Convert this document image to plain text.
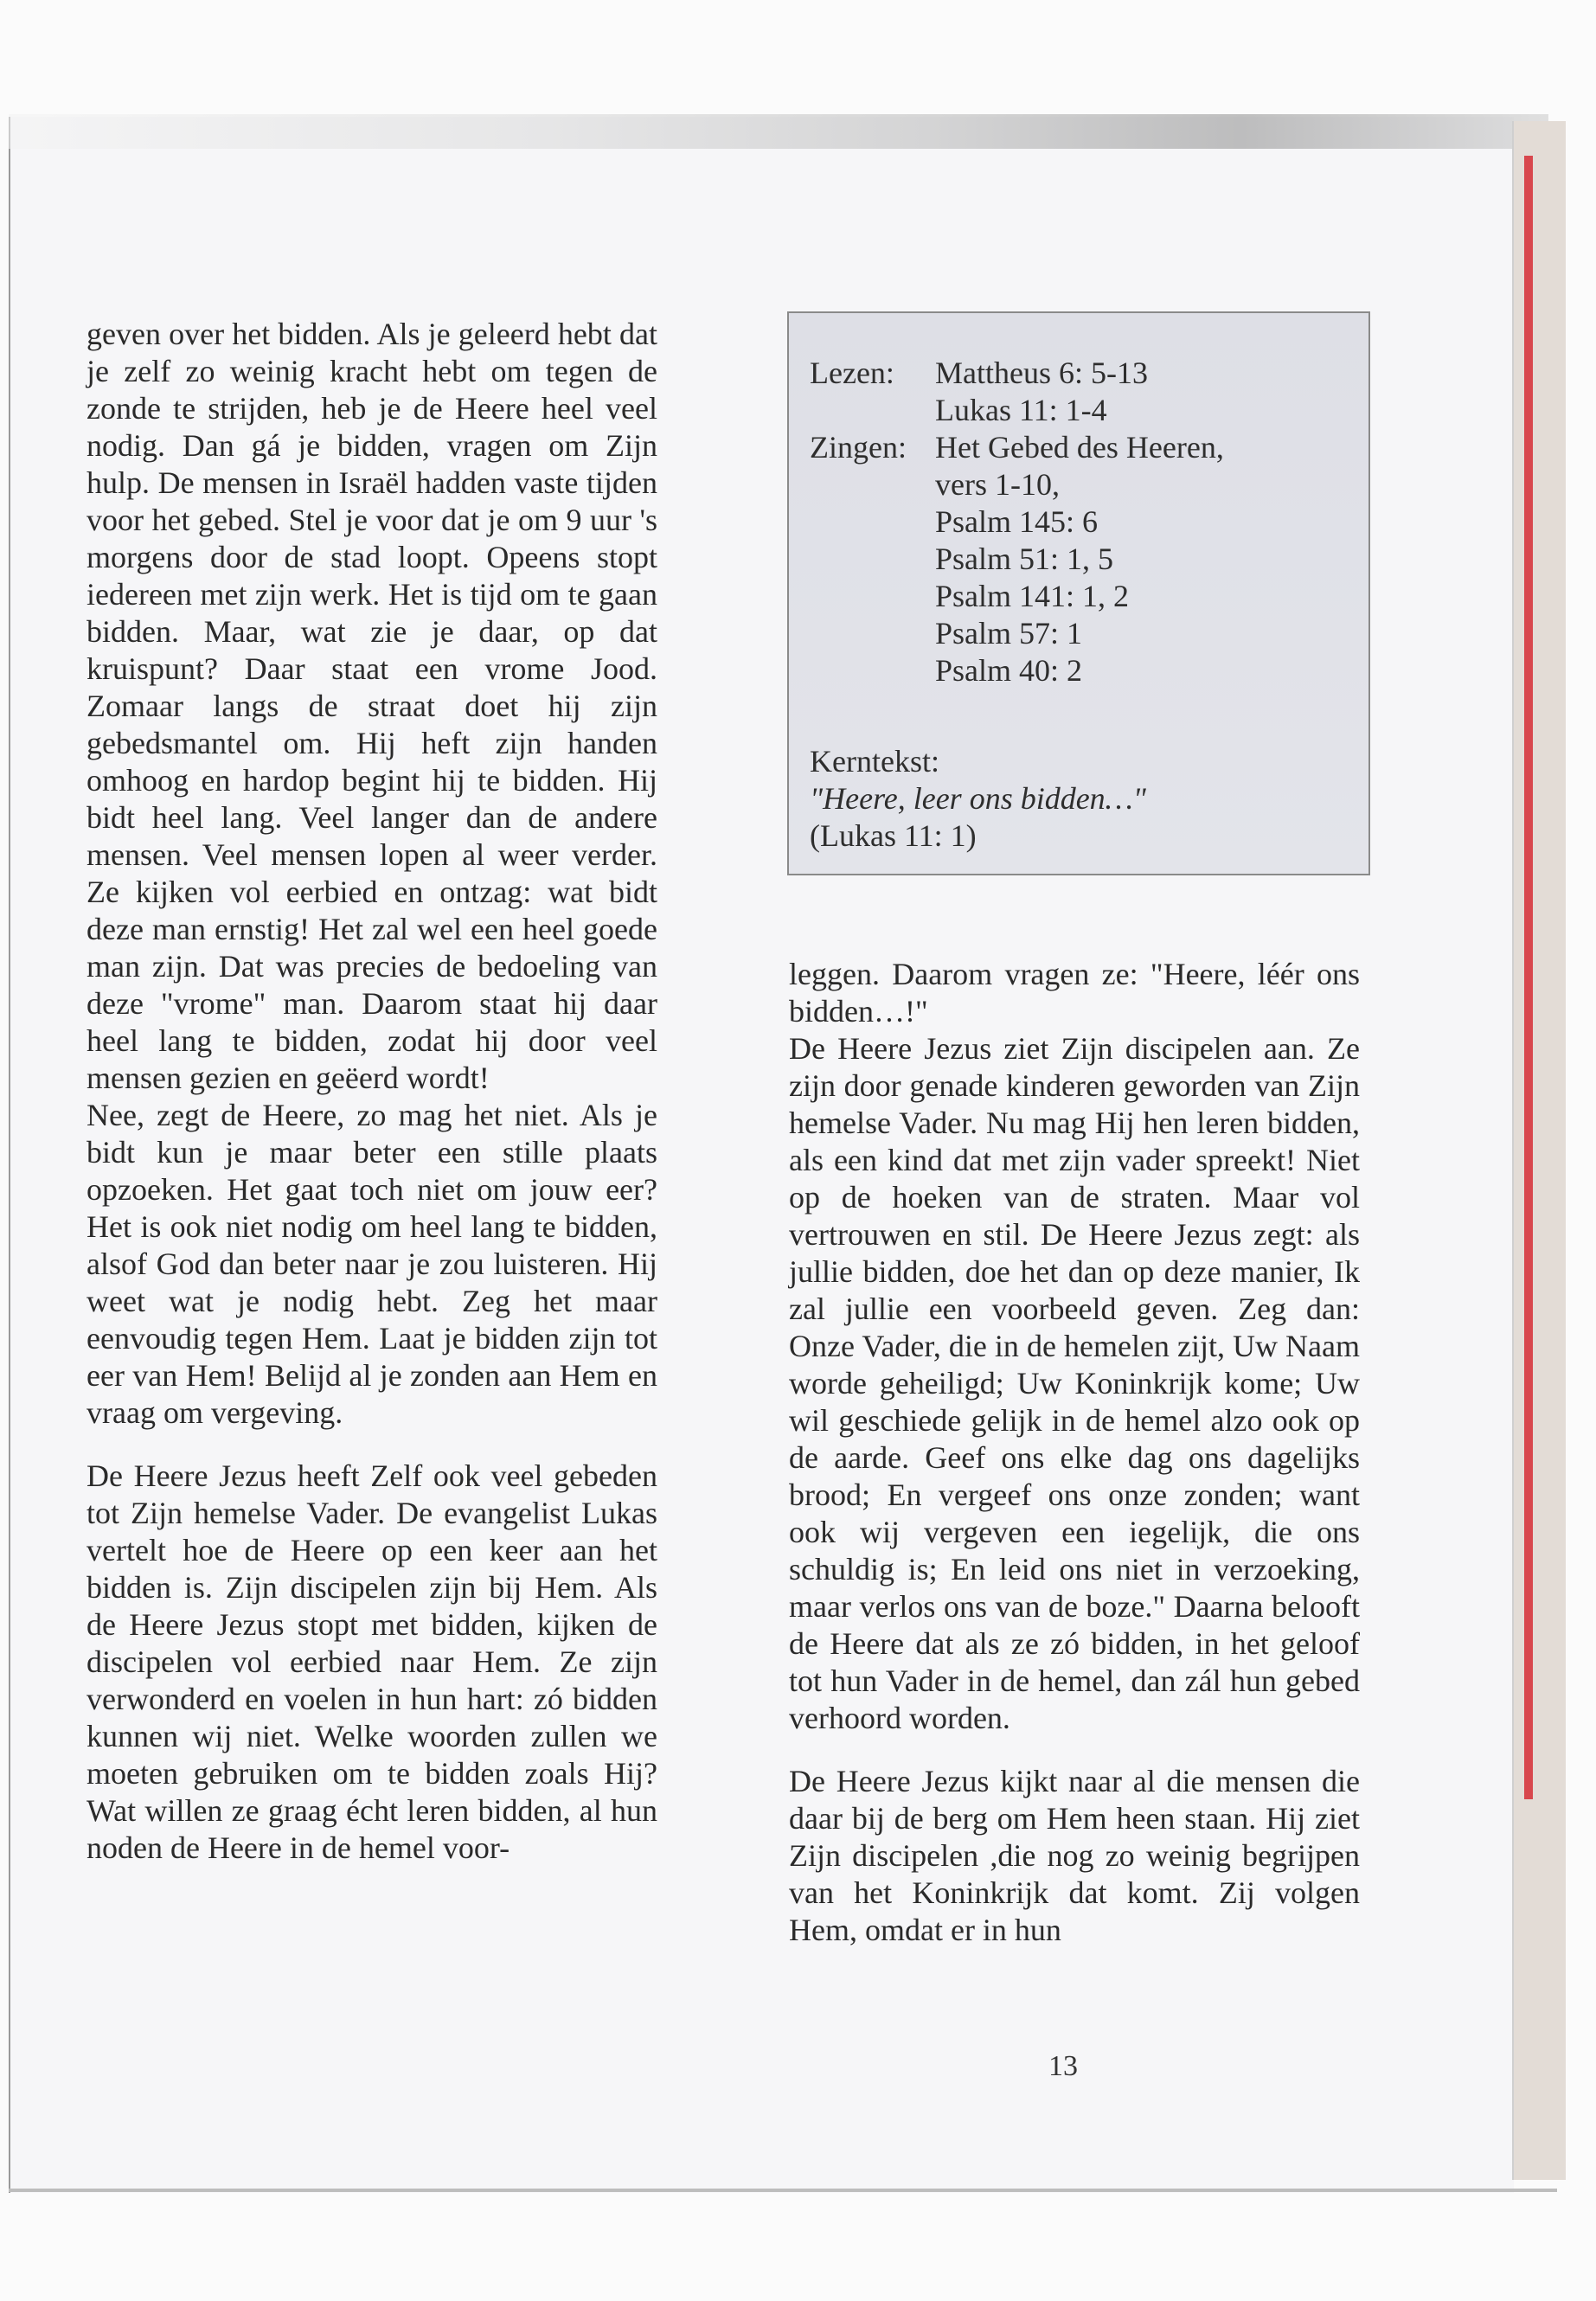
geven over het bidden. Als je geleerd hebt dat je zelf zo weinig kracht hebt om tegen de zonde te strijden, heb je de Heere heel veel nodig. Dan gá je bidden, vragen om Zijn hulp. De mensen in Israël hadden vaste tijden voor het gebed. Stel je voor dat je om 9 uur 's morgens door de stad loopt. Opeens stopt iedereen met zijn werk. Het is tijd om te gaan bidden. Maar, wat zie je daar, op dat kruispunt? Daar staat een vrome Jood. Zomaar langs de straat doet hij zijn gebedsmantel om. Hij heft zijn handen omhoog en hardop begint hij te bidden. Hij bidt heel lang. Veel langer dan de andere mensen. Veel mensen lopen al weer verder. Ze kijken vol eerbied en ontzag: wat bidt deze man ernstig! Het zal wel een heel goede man zijn. Dat was precies de bedoeling van deze "vrome" man. Daarom staat hij daar heel lang te bidden, zodat hij door veel mensen gezien en geëerd wordt!

Nee, zegt de Heere, zo mag het niet. Als je bidt kun je maar beter een stille plaats opzoeken. Het gaat toch niet om jouw eer? Het is ook niet nodig om heel lang te bidden, alsof God dan beter naar je zou luisteren. Hij weet wat je nodig hebt. Zeg het maar eenvoudig tegen Hem. Laat je bidden zijn tot eer van Hem! Belijd al je zonden aan Hem en vraag om vergeving.

De Heere Jezus heeft Zelf ook veel gebeden tot Zijn hemelse Vader. De evangelist Lukas vertelt hoe de Heere op een keer aan het bidden is. Zijn discipelen zijn bij Hem. Als de Heere Jezus stopt met bidden, kijken de discipelen vol eerbied naar Hem. Ze zijn verwonderd en voelen in hun hart: zó bidden kunnen wij niet. Welke woorden zullen we moeten gebruiken om te bidden zoals Hij? Wat willen ze graag écht leren bidden, al hun noden de Heere in de hemel voor-

Lezen:	Mattheus 6: 5-13
Lukas 11: 1-4
Zingen: Het Gebed des Heeren,
vers 1-10,
Psalm 145: 6
Psalm 51: 1, 5
Psalm 141: 1, 2
Psalm 57: 1
Psalm 40: 2
Kerntekst:
"Heere, leer ons bidden…"
(Lukas 11: 1)

leggen. Daarom vragen ze: "Heere, léér ons bidden…!"

De Heere Jezus ziet Zijn discipelen aan. Ze zijn door genade kinderen geworden van Zijn hemelse Vader. Nu mag Hij hen leren bidden, als een kind dat met zijn vader spreekt! Niet op de hoeken van de straten. Maar vol vertrouwen en stil. De Heere Jezus zegt: als jullie bidden, doe het dan op deze manier, Ik zal jullie een voorbeeld geven. Zeg dan: Onze Vader, die in de hemelen zijt, Uw Naam worde geheiligd; Uw Koninkrijk kome; Uw wil geschiede gelijk in de hemel alzo ook op de aarde. Geef ons elke dag ons dagelijks brood; En vergeef ons onze zonden; want ook wij vergeven een iegelijk, die ons schuldig is; En leid ons niet in verzoeking, maar verlos ons van de boze." Daarna belooft de Heere dat als ze zó bidden, in het geloof tot hun Vader in de hemel, dan zál hun gebed verhoord worden.

De Heere Jezus kijkt naar al die mensen die daar bij de berg om Hem heen staan. Hij ziet Zijn discipelen ,die nog zo weinig begrijpen van het Koninkrijk dat komt. Zij volgen Hem, omdat er in hun

13
